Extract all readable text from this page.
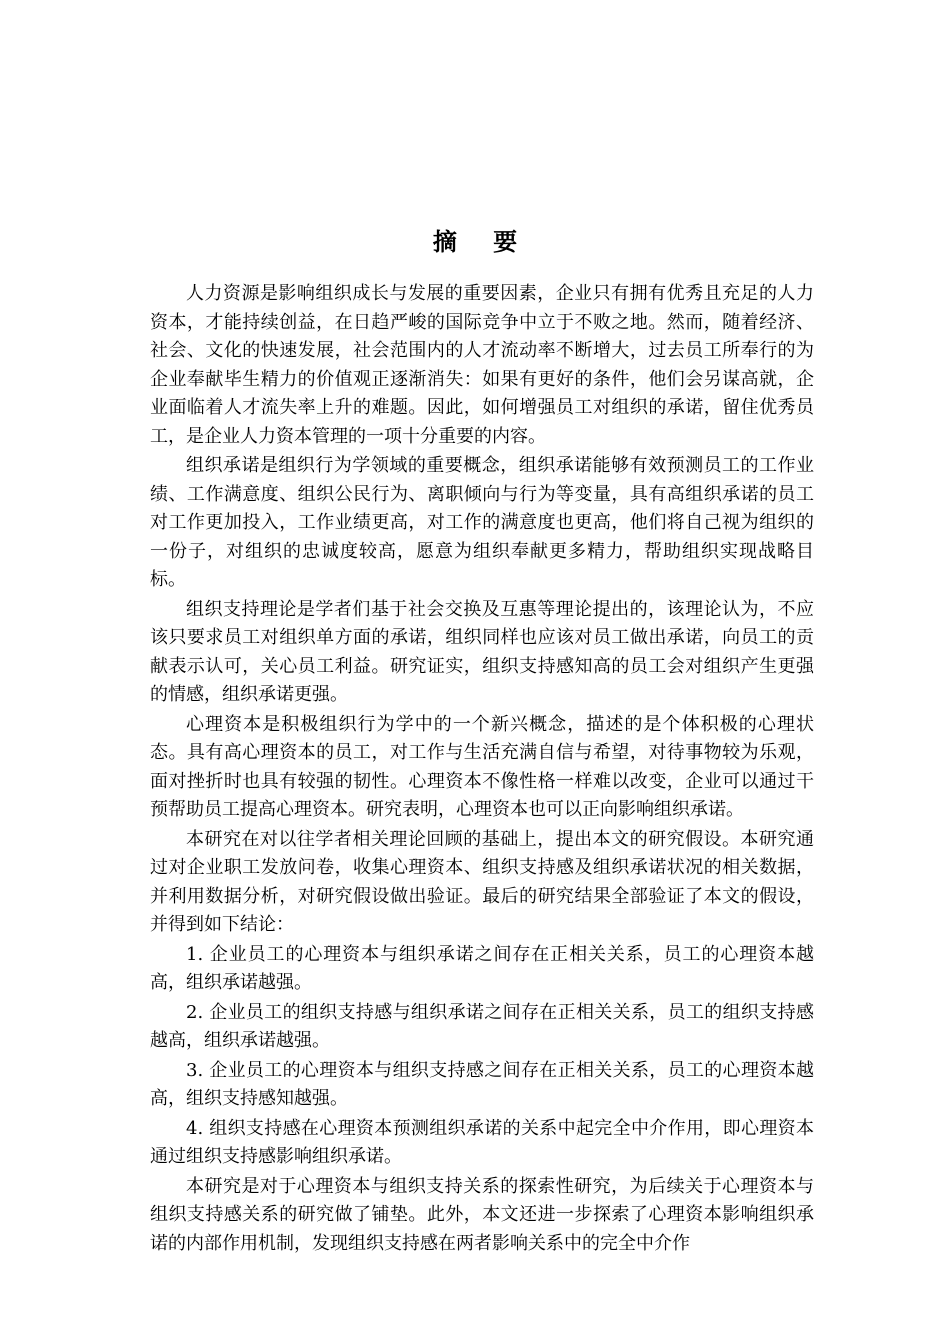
摘 要

人力资源是影响组织成长与发展的重要因素，企业只有拥有优秀且充足的人力资本，才能持续创益，在日趋严峻的国际竞争中立于不败之地。然而，随着经济、社会、文化的快速发展，社会范围内的人才流动率不断增大，过去员工所奉行的为企业奉献毕生精力的价值观正逐渐消失：如果有更好的条件，他们会另谋高就，企业面临着人才流失率上升的难题。因此，如何增强员工对组织的承诺，留住优秀员工，是企业人力资本管理的一项十分重要的内容。

组织承诺是组织行为学领域的重要概念，组织承诺能够有效预测员工的工作业绩、工作满意度、组织公民行为、离职倾向与行为等变量，具有高组织承诺的员工对工作更加投入，工作业绩更高，对工作的满意度也更高，他们将自己视为组织的一份子，对组织的忠诚度较高，愿意为组织奉献更多精力，帮助组织实现战略目标。

组织支持理论是学者们基于社会交换及互惠等理论提出的，该理论认为，不应该只要求员工对组织单方面的承诺，组织同样也应该对员工做出承诺，向员工的贡献表示认可，关心员工利益。研究证实，组织支持感知高的员工会对组织产生更强的情感，组织承诺更强。

心理资本是积极组织行为学中的一个新兴概念，描述的是个体积极的心理状态。具有高心理资本的员工，对工作与生活充满自信与希望，对待事物较为乐观，面对挫折时也具有较强的韧性。心理资本不像性格一样难以改变，企业可以通过干预帮助员工提高心理资本。研究表明，心理资本也可以正向影响组织承诺。

本研究在对以往学者相关理论回顾的基础上，提出本文的研究假设。本研究通过对企业职工发放问卷，收集心理资本、组织支持感及组织承诺状况的相关数据，并利用数据分析，对研究假设做出验证。最后的研究结果全部验证了本文的假设，并得到如下结论：

1. 企业员工的心理资本与组织承诺之间存在正相关关系，员工的心理资本越高，组织承诺越强。

2. 企业员工的组织支持感与组织承诺之间存在正相关关系，员工的组织支持感越高，组织承诺越强。

3. 企业员工的心理资本与组织支持感之间存在正相关关系，员工的心理资本越高，组织支持感知越强。

4. 组织支持感在心理资本预测组织承诺的关系中起完全中介作用，即心理资本通过组织支持感影响组织承诺。

本研究是对于心理资本与组织支持关系的探索性研究，为后续关于心理资本与组织支持感关系的研究做了铺垫。此外，本文还进一步探索了心理资本影响组织承诺的内部作用机制，发现组织支持感在两者影响关系中的完全中介作
